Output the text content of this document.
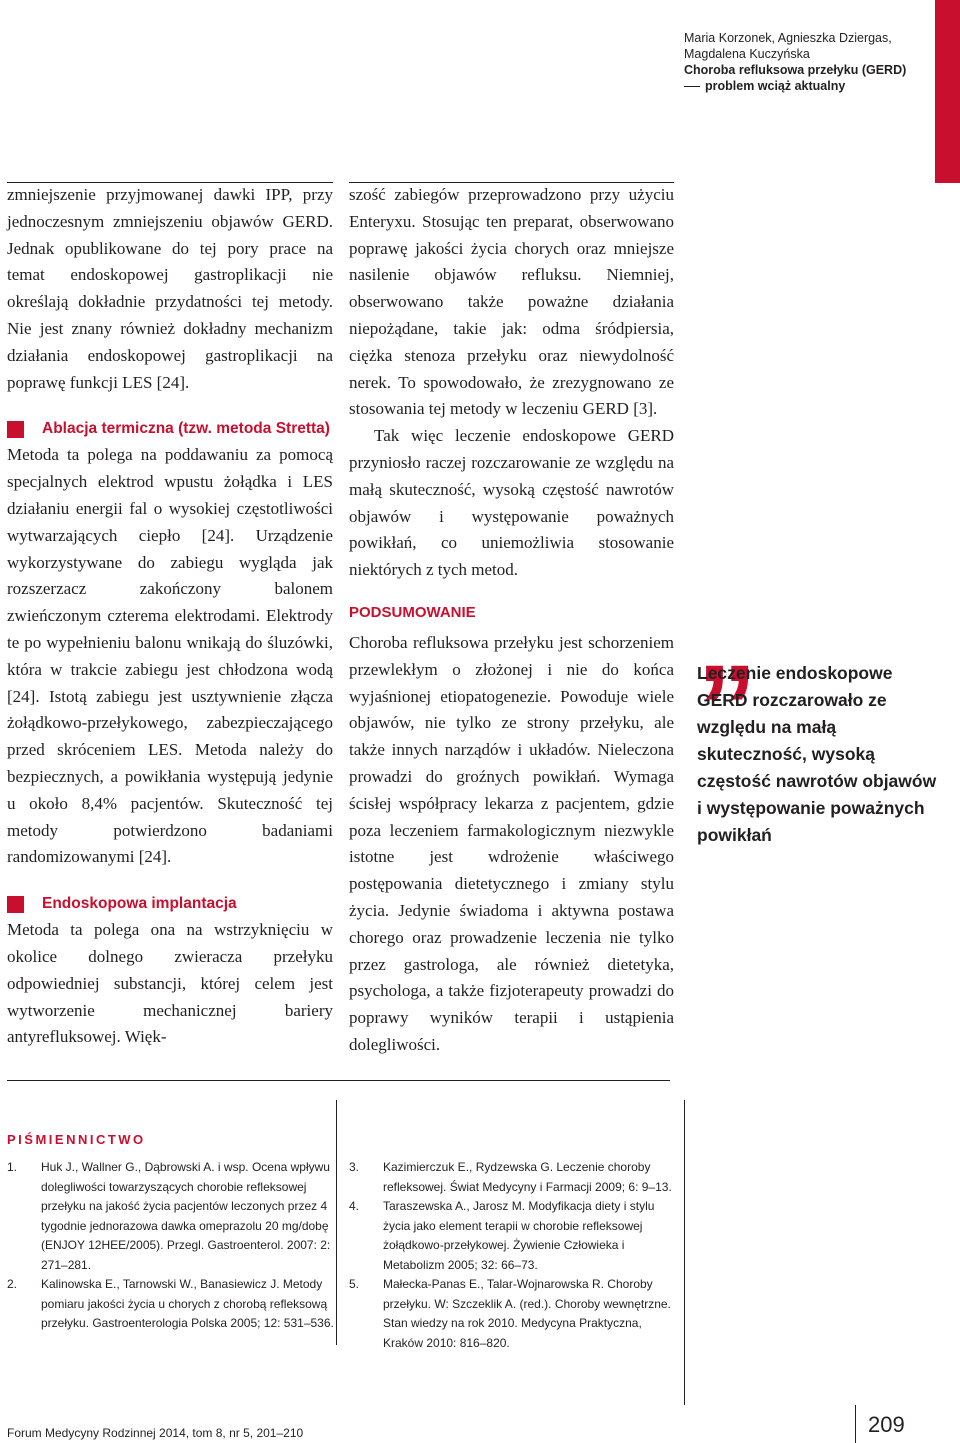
Maria Korzonek, Agnieszka Dziergas,
Magdalena Kuczyńska
Choroba refluksowa przełyku (GERD)
problem wciąż aktualny

zmniejszenie przyjmowanej dawki IPP, przy jednoczesnym zmniejszeniu objawów GERD. Jednak opublikowane do tej pory prace na temat endoskopowej gastroplikacji nie określają dokładnie przydatności tej metody. Nie jest znany również dokładny mechanizm działania endoskopowej gastroplikacji na poprawę funkcji LES [24].

Ablacja termiczna (tzw. metoda Stretta)

Metoda ta polega na poddawaniu za pomocą specjalnych elektrod wpustu żołądka i LES działaniu energii fal o wysokiej częstotliwości wytwarzających ciepło [24]. Urządzenie wykorzystywane do zabiegu wygląda jak rozszerzacz zakończony balonem zwieńczonym czterema elektrodami. Elektrody te po wypełnieniu balonu wnikają do śluzówki, która w trakcie zabiegu jest chłodzona wodą [24]. Istotą zabiegu jest usztywnienie złącza żołądkowo-przełykowego, zabezpieczającego przed skróceniem LES. Metoda należy do bezpiecznych, a powikłania występują jedynie u około 8,4% pacjentów. Skuteczność tej metody potwierdzono badaniami randomizowanymi [24].

Endoskopowa implantacja

Metoda ta polega ona na wstrzyknięciu w okolice dolnego zwieracza przełyku odpowiedniej substancji, której celem jest wytworzenie mechanicznej bariery antyrefluksowej. Więk-

szość zabiegów przeprowadzono przy użyciu Enteryxu. Stosując ten preparat, obserwowano poprawę jakości życia chorych oraz mniejsze nasilenie objawów refluksu. Niemniej, obserwowano także poważne działania niepożądane, takie jak: odma śródpiersia, ciężka stenoza przełyku oraz niewydolność nerek. To spowodowało, że zrezygnowano ze stosowania tej metody w leczeniu GERD [3].

Tak więc leczenie endoskopowe GERD przyniosło raczej rozczarowanie ze względu na małą skuteczność, wysoką częstość nawrotów objawów i występowanie poważnych powikłań, co uniemożliwia stosowanie niektórych z tych metod.

PODSUMOWANIE

Choroba refluksowa przełyku jest schorzeniem przewlekłym o złożonej i nie do końca wyjaśnionej etiopatogenezie. Powoduje wiele objawów, nie tylko ze strony przełyku, ale także innych narządów i układów. Nieleczona prowadzi do groźnych powikłań. Wymaga ścisłej współpracy lekarza z pacjentem, gdzie poza leczeniem farmakologicznym niezwykle istotne jest wdrożenie właściwego postępowania dietetycznego i zmiany stylu życia. Jedynie świadoma i aktywna postawa chorego oraz prowadzenie leczenia nie tylko przez gastrologa, ale również dietetyka, psychologa, a także fizjoterapeuty prowadzi do poprawy wyników terapii i ustąpienia dolegliwości.

„
Leczenie endoskopowe GERD rozczarowało ze względu na małą skuteczność, wysoką częstość nawrotów objawów i występowanie poważnych powikłań
PIŚMIENNICTWO
1.	Huk J., Wallner G., Dąbrowski A. i wsp. Ocena wpływu dolegliwości towarzyszących chorobie refleksowej przełyku na jakość życia pacjentów leczonych przez 4 tygodnie jednorazowa dawka omeprazolu 20 mg/dobę (ENJOY 12HEE/2005). Przegl. Gastroenterol. 2007: 2: 271–281.
2.	Kalinowska E., Tarnowski W., Banasiewicz J. Metody pomiaru jakości życia u chorych z chorobą refleksową przełyku. Gastroenterologia Polska 2005; 12: 531–536.
3.	Kazimierczuk E., Rydzewska G. Leczenie choroby refleksowej. Świat Medycyny i Farmacji 2009; 6: 9–13.
4.	Taraszewska A., Jarosz M. Modyfikacja diety i stylu życia jako element terapii w chorobie refleksowej żołądkowo-przełykowej. Żywienie Człowieka i Metabolizm 2005; 32: 66–73.
5.	Małecka-Panas E., Talar-Wojnarowska R. Choroby przełyku. W: Szczeklik A. (red.). Choroby wewnętrzne. Stan wiedzy na rok 2010. Medycyna Praktyczna, Kraków 2010: 816–820.
Forum Medycyny Rodzinnej 2014, tom 8, nr 5, 201–210	209
